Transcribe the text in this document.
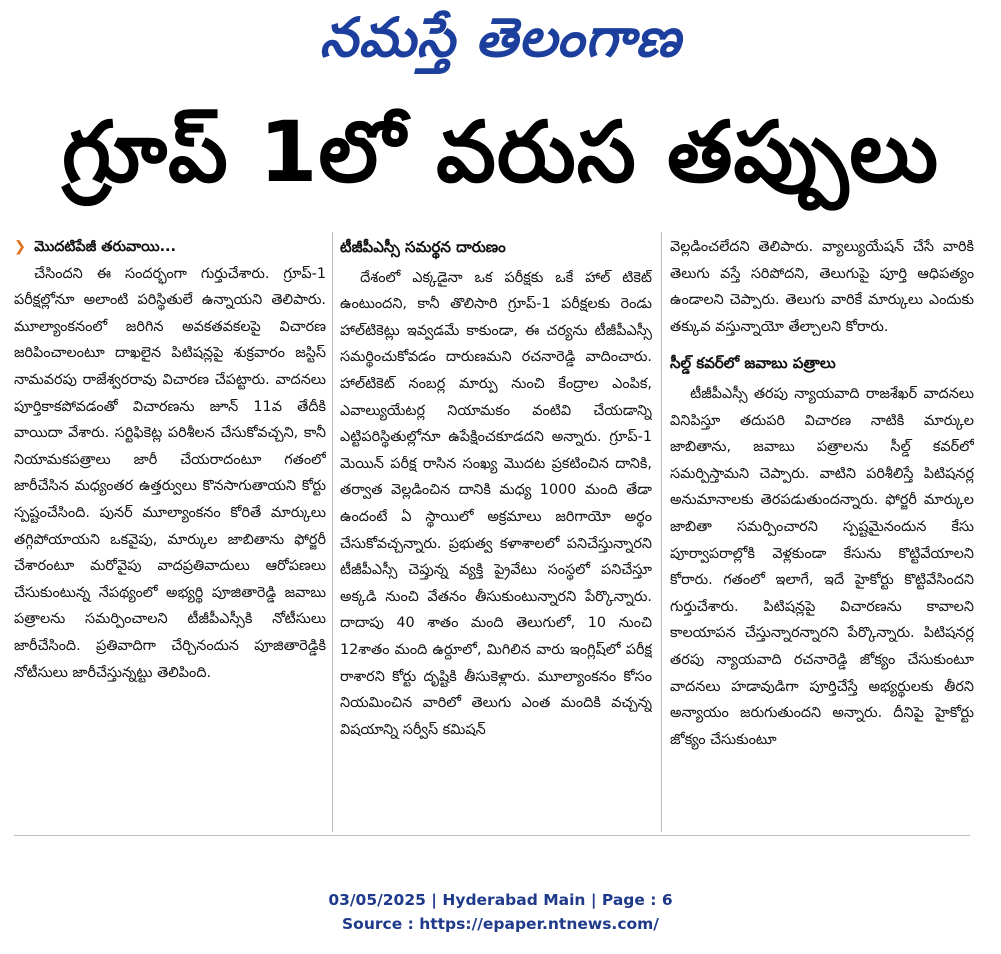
నమస్తే తెలంగాణ
గ్రూప్ 1లో వరుస తప్పులు
❯ మొదటిపేజీ తరువాయి...

చేసిందని ఈ సందర్భంగా గుర్తుచేశారు. గ్రూప్-1 పరీక్షల్లోనూ అలాంటి పరిస్థితులే ఉన్నాయని తెలిపారు. మూల్యాంకనంలో జరిగిన అవకతవకలపై విచారణ జరిపించాలంటూ దాఖలైన పిటిషన్లపై శుక్రవారం జస్టిస్ నామవరపు రాజేశ్వరరావు విచారణ చేపట్టారు. వాదనలు పూర్తికాకపోవడంతో విచారణను జూన్ 11వ తేదీకి వాయిదా వేశారు. సర్టిఫికెట్ల పరిశీలన చేసుకోవచ్చని, కానీ నియామకపత్రాలు జారీ చేయరాదంటూ గతంలో జారీచేసిన మధ్యంతర ఉత్తర్వులు కొనసాగుతాయని కోర్టు స్పష్టంచేసింది. పునర్ మూల్యాంకనం కోరితే మార్కులు తగ్గిపోయాయని ఒకవైపు, మార్కుల జాబితాను ఫోర్జరీ చేశారంటూ మరోవైపు వాదప్రతివాదులు ఆరోపణలు చేసుకుంటున్న నేపథ్యంలో అభ్యర్థి పూజితారెడ్డి జవాబు పత్రాలను సమర్పించాలని టీజీపీఎస్సీకి నోటీసులు జారీచేసింది. ప్రతివాదిగా చేర్చినందున పూజితారెడ్డికి నోటీసులు జారీచేస్తున్నట్టు తెలిపింది.

టీజీపీఎస్సీ సమర్థన దారుణం

దేశంలో ఎక్కడైనా ఒక పరీక్షకు ఒకే హాల్ టికెట్ ఉంటుందని, కానీ తొలిసారి గ్రూప్-1 పరీక్షలకు రెండు హాల్‌టికెట్లు ఇవ్వడమే కాకుండా, ఈ చర్యను టీజీపీఎస్సీ సమర్థించుకోవడం దారుణమని రచనారెడ్డి వాదించారు. హాల్‌టికెట్ నంబర్ల మార్పు నుంచి కేంద్రాల ఎంపిక, ఎవాల్యుయేటర్ల నియామకం వంటివి చేయడాన్ని ఎట్టిపరిస్థితుల్లోనూ ఉపేక్షించకూడదని అన్నారు. గ్రూప్-1 మెయిన్ పరీక్ష రాసిన సంఖ్య మొదట ప్రకటించిన దానికి, తర్వాత వెల్లడించిన దానికి మధ్య 1000 మంది తేడా ఉందంటే ఏ స్థాయిలో అక్రమాలు జరిగాయో అర్థం చేసుకోవచ్చన్నారు. ప్రభుత్వ కళాశాలలో పనిచేస్తున్నారని టీజీపీఎస్సీ చెప్తున్న వ్యక్తి ప్రైవేటు సంస్థలో పనిచేస్తూ అక్కడి నుంచి వేతనం తీసుకుంటున్నారని పేర్కొన్నారు. దాదాపు 40 శాతం మంది తెలుగులో, 10 నుంచి 12శాతం మంది ఉర్దూలో, మిగిలిన వారు ఇంగ్లిష్‌లో పరీక్ష రాశారని కోర్టు దృష్టికి తీసుకెళ్లారు. మూల్యాంకనం కోసం నియమించిన వారిలో తెలుగు ఎంత మందికి వచ్చన్న విషయాన్ని సర్వీస్ కమిషన్

వెల్లడించలేదని తెలిపారు. వ్యాల్యుయేషన్ చేసే వారికి తెలుగు వస్తే సరిపోదని, తెలుగుపై పూర్తి ఆధిపత్యం ఉండాలని చెప్పారు. తెలుగు వారికే మార్కులు ఎందుకు తక్కువ వస్తున్నాయో తేల్చాలని కోరారు.

సీల్డ్ కవర్‌లో జవాబు పత్రాలు

టీజీపీఎస్సీ తరపు న్యాయవాది రాజశేఖర్ వాదనలు వినిపిస్తూ తదుపరి విచారణ నాటికి మార్కుల జాబితాను, జవాబు పత్రాలను సీల్డ్ కవర్‌లో సమర్పిస్తామని చెప్పారు. వాటిని పరిశీలిస్తే పిటిషనర్ల అనుమానాలకు తెరపడుతుందన్నారు. ఫోర్జరీ మార్కుల జాబితా సమర్పించారని స్పష్టమైనందున కేసు పూర్వాపరాల్లోకి వెళ్లకుండా కేసును కొట్టివేయాలని కోరారు. గతంలో ఇలాగే, ఇదే హైకోర్టు కొట్టివేసిందని గుర్తుచేశారు. పిటిషన్లపై విచారణను కావాలని కాలయాపన చేస్తున్నారన్నారని పేర్కొన్నారు. పిటిషనర్ల తరపు న్యాయవాది రచనారెడ్డి జోక్యం చేసుకుంటూ వాదనలు హడావుడిగా పూర్తిచేస్తే అభ్యర్థులకు తీరని అన్యాయం జరుగుతుందని అన్నారు. దీనిపై హైకోర్టు జోక్యం చేసుకుంటూ

03/05/2025 | Hyderabad Main | Page : 6
Source : https://epaper.ntnews.com/
